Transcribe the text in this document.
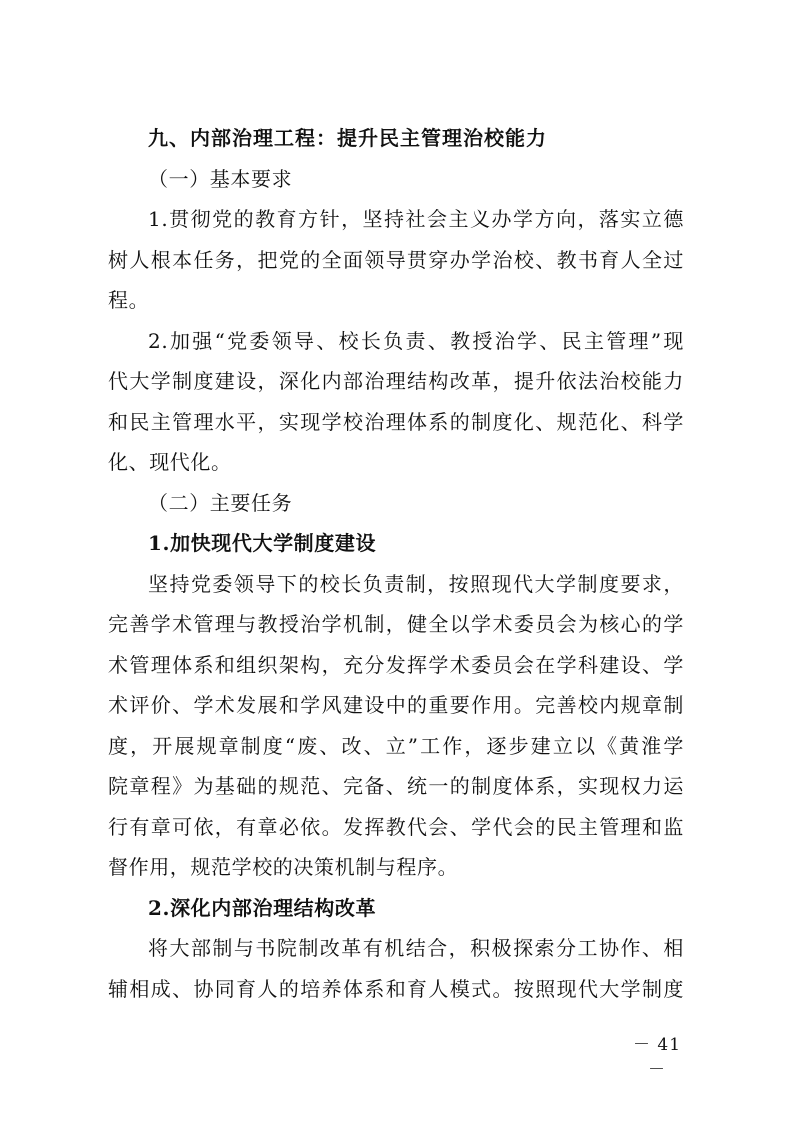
九、内部治理工程：提升民主管理治校能力
（一）基本要求
1.贯彻党的教育方针，坚持社会主义办学方向，落实立德
树人根本任务，把党的全面领导贯穿办学治校、教书育人全过
程。
2.加强“党委领导、校长负责、教授治学、民主管理”现
代大学制度建设，深化内部治理结构改革，提升依法治校能力
和民主管理水平，实现学校治理体系的制度化、规范化、科学
化、现代化。
（二）主要任务
1.加快现代大学制度建设
坚持党委领导下的校长负责制，按照现代大学制度要求，
完善学术管理与教授治学机制，健全以学术委员会为核心的学
术管理体系和组织架构，充分发挥学术委员会在学科建设、学
术评价、学术发展和学风建设中的重要作用。完善校内规章制
度，开展规章制度“废、改、立”工作，逐步建立以《黄淮学
院章程》为基础的规范、完备、统一的制度体系，实现权力运
行有章可依，有章必依。发挥教代会、学代会的民主管理和监
督作用，规范学校的决策机制与程序。
2.深化内部治理结构改革
将大部制与书院制改革有机结合，积极探索分工协作、相
辅相成、协同育人的培养体系和育人模式。按照现代大学制度
－ 41 －
